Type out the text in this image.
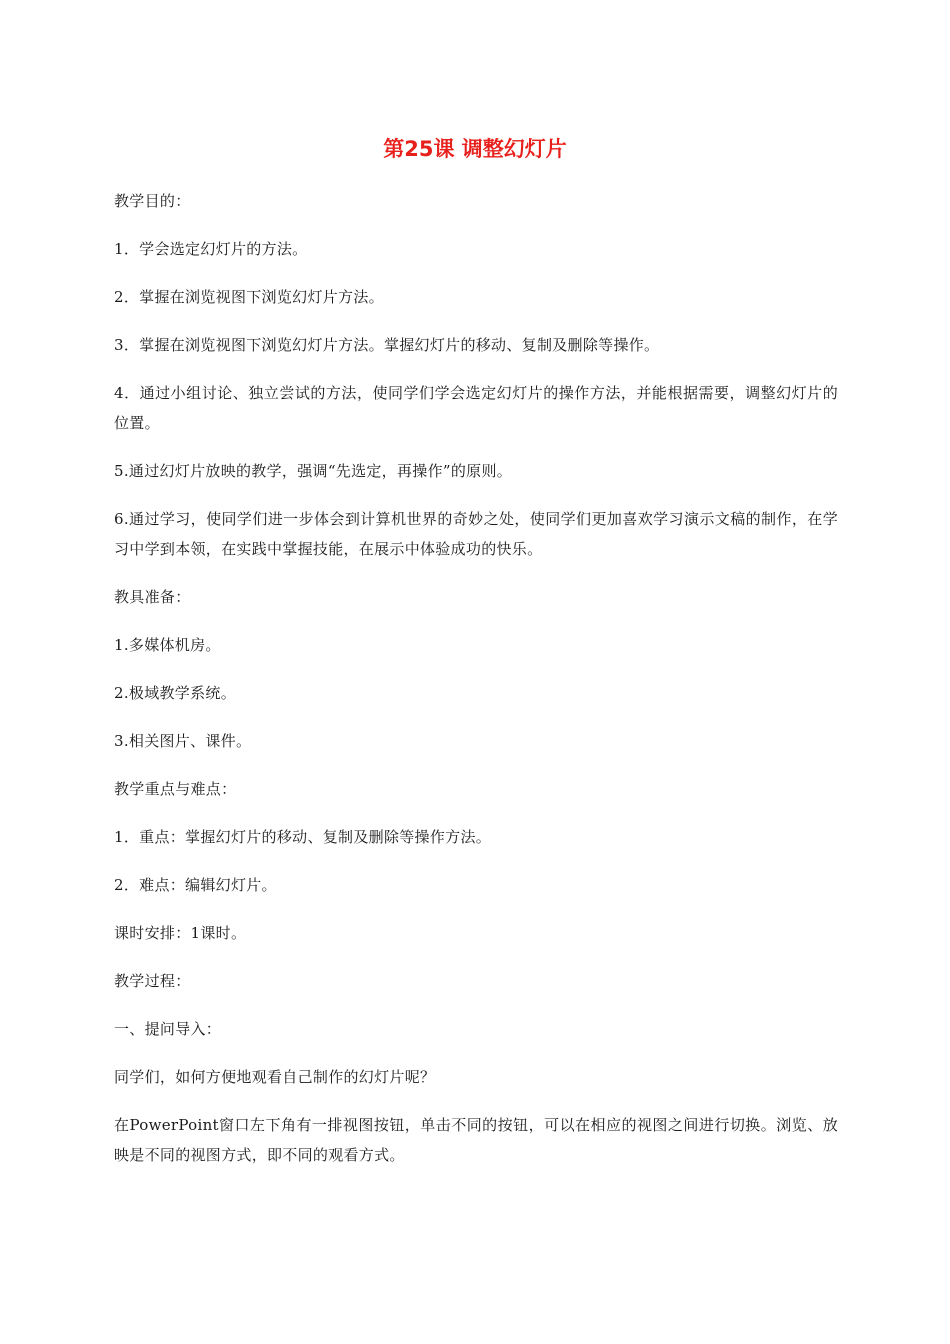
第25课 调整幻灯片

教学目的：

1．学会选定幻灯片的方法。

2．掌握在浏览视图下浏览幻灯片方法。

3．掌握在浏览视图下浏览幻灯片方法。掌握幻灯片的移动、复制及删除等操作。

4．通过小组讨论、独立尝试的方法，使同学们学会选定幻灯片的操作方法，并能根据需要，调整幻灯片的位置。

5.通过幻灯片放映的教学，强调“先选定，再操作”的原则。

6.通过学习，使同学们进一步体会到计算机世界的奇妙之处，使同学们更加喜欢学习演示文稿的制作，在学习中学到本领，在实践中掌握技能，在展示中体验成功的快乐。

教具准备：

1.多媒体机房。

2.极域教学系统。

3.相关图片、课件。

教学重点与难点：

1．重点：掌握幻灯片的移动、复制及删除等操作方法。

2．难点：编辑幻灯片。

课时安排：1课时。

教学过程：

一、提问导入：

同学们，如何方便地观看自己制作的幻灯片呢？

在PowerPoint窗口左下角有一排视图按钮，单击不同的按钮，可以在相应的视图之间进行切换。浏览、放映是不同的视图方式，即不同的观看方式。
